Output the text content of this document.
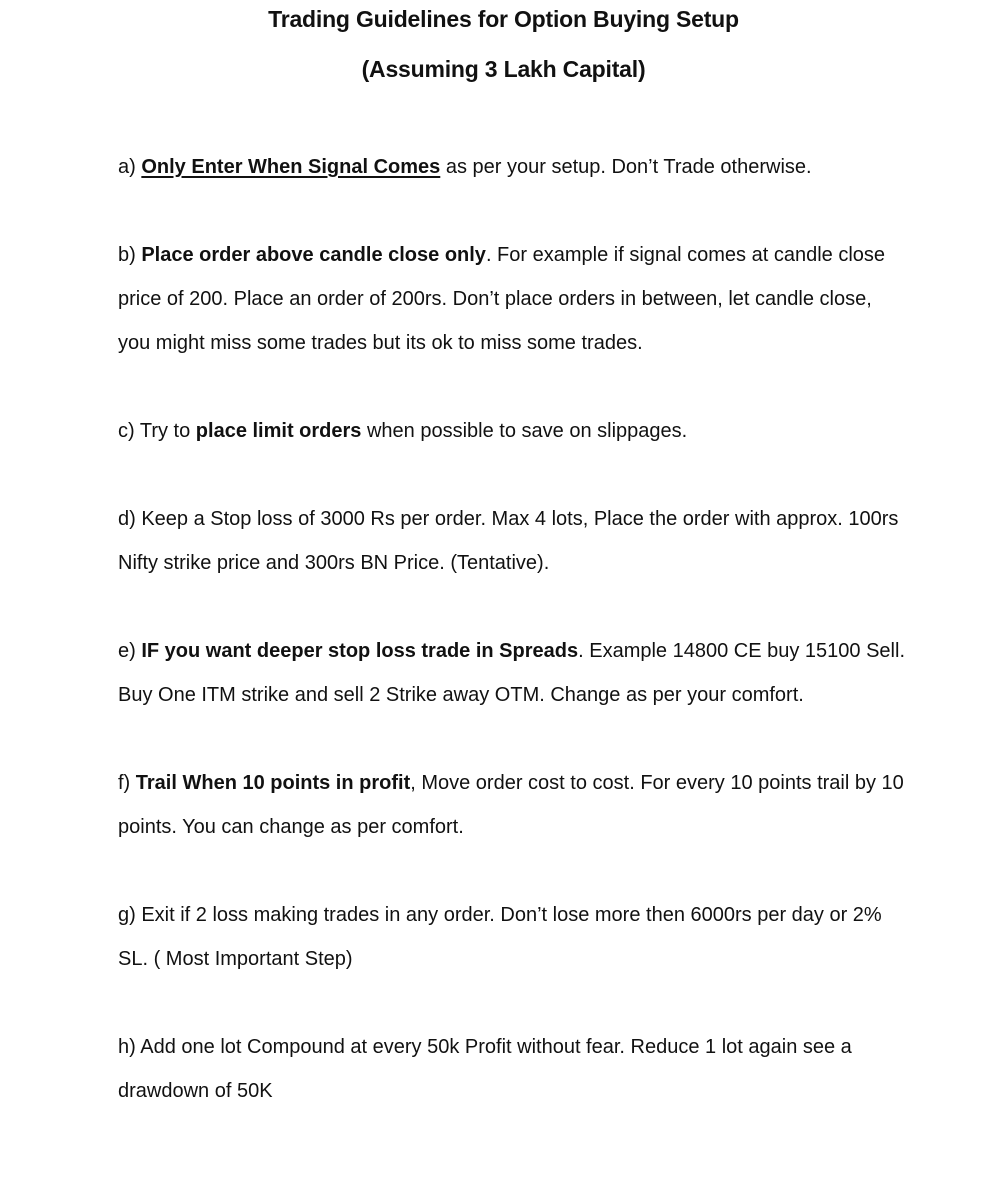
Trading Guidelines for Option Buying Setup
(Assuming 3 Lakh Capital)
a) Only Enter When Signal Comes as per your setup. Don’t Trade otherwise.
b) Place order above candle close only. For example if signal comes at candle close price of 200. Place an order of 200rs. Don’t place orders in between, let candle close, you might miss some trades but its ok to miss some trades.
c) Try to place limit orders when possible to save on slippages.
d) Keep a Stop loss of 3000 Rs per order. Max 4 lots, Place the order with approx. 100rs Nifty strike price and 300rs BN Price. (Tentative).
e) IF you want deeper stop loss trade in Spreads. Example 14800 CE buy 15100 Sell. Buy One ITM strike and sell 2 Strike away OTM. Change as per your comfort.
f) Trail When 10 points in profit, Move order cost to cost. For every 10 points trail by 10 points. You can change as per comfort.
g) Exit if 2 loss making trades in any order. Don’t lose more then 6000rs per day or 2% SL. ( Most Important Step)
h) Add one lot Compound at every 50k Profit without fear. Reduce 1 lot again see a drawdown of 50K
